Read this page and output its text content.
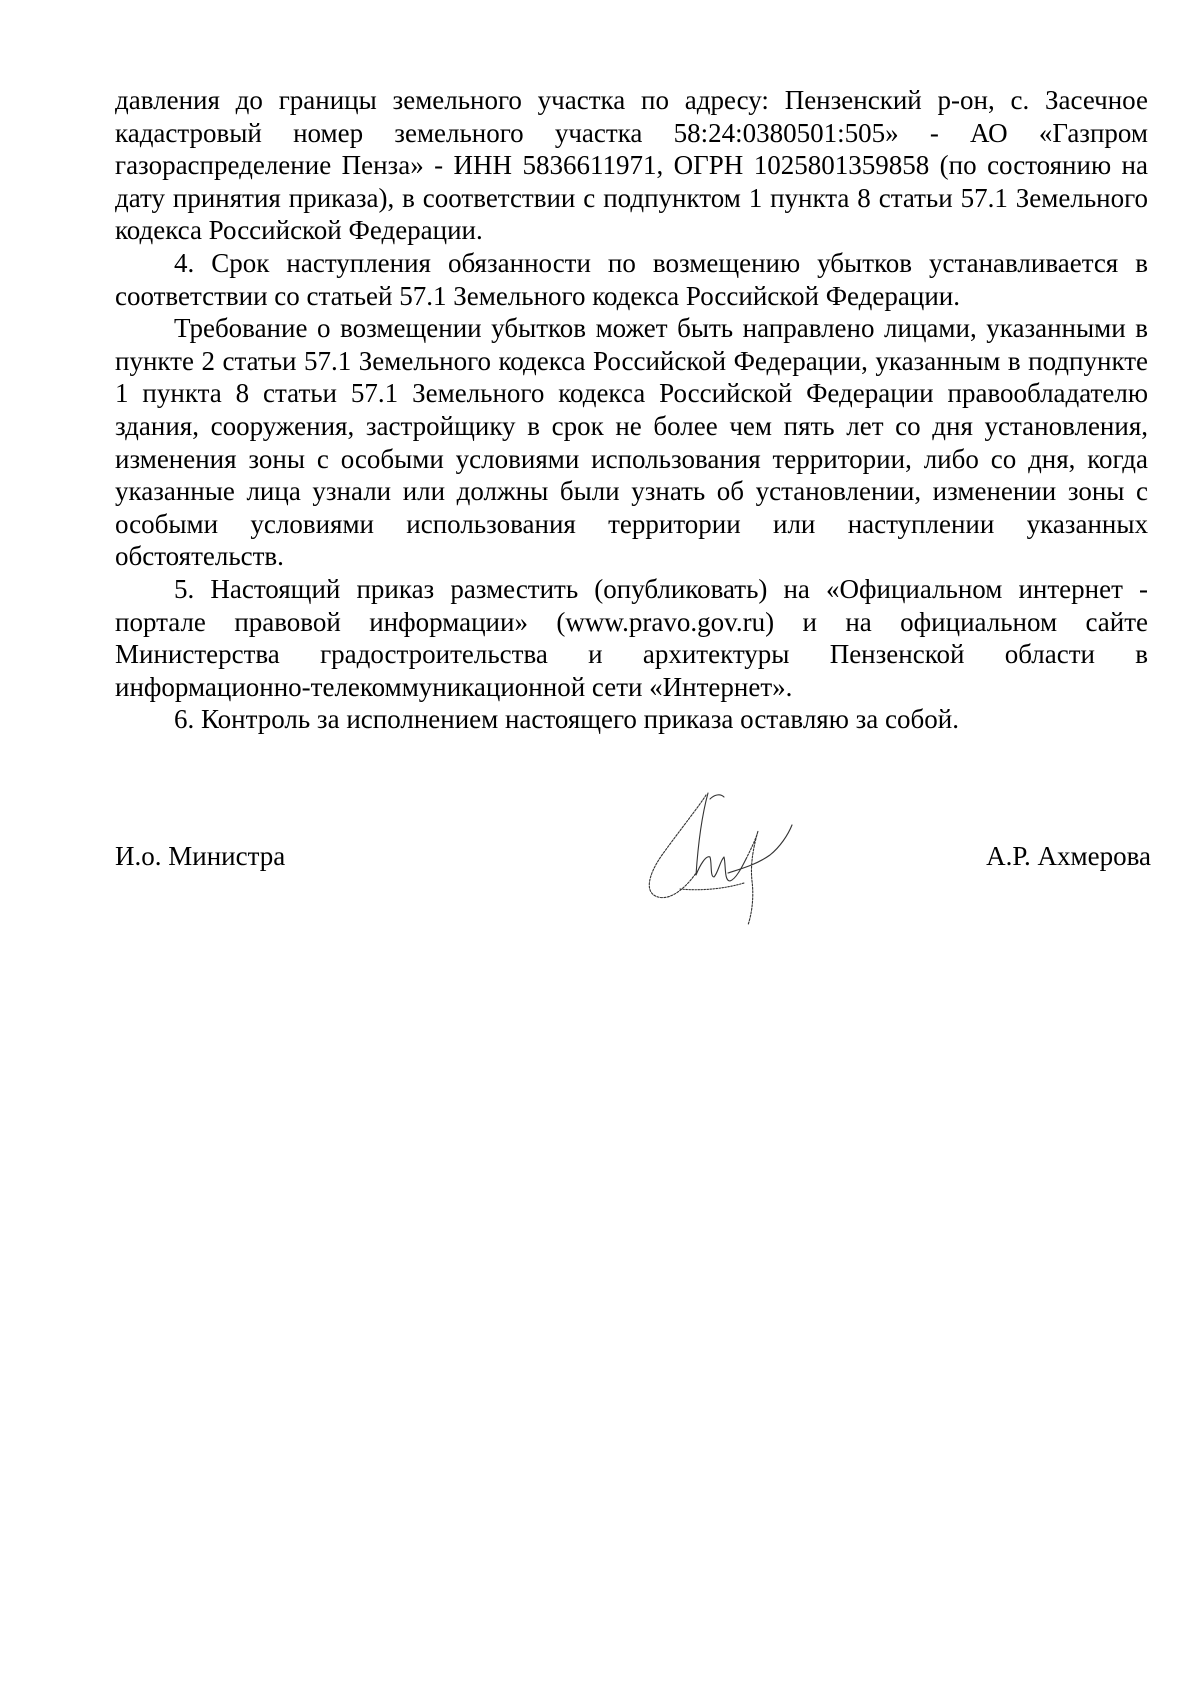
давления до границы земельного участка по адресу: Пензенский р-он, с. Засечное кадастровый номер земельного участка 58:24:0380501:505» - АО «Газпром газораспределение Пенза» - ИНН 5836611971, ОГРН 1025801359858 (по состоянию на дату принятия приказа), в соответствии с подпунктом 1 пункта 8 статьи 57.1 Земельного кодекса Российской Федерации.

4. Срок наступления обязанности по возмещению убытков устанавливается в соответствии со статьей 57.1 Земельного кодекса Российской Федерации.

Требование о возмещении убытков может быть направлено лицами, указанными в пункте 2 статьи 57.1 Земельного кодекса Российской Федерации, указанным в подпункте 1 пункта 8 статьи 57.1 Земельного кодекса Российской Федерации правообладателю здания, сооружения, застройщику в срок не более чем пять лет со дня установления, изменения зоны с особыми условиями использования территории, либо со дня, когда указанные лица узнали или должны были узнать об установлении, изменении зоны с особыми условиями использования территории или наступлении указанных обстоятельств.

5. Настоящий приказ разместить (опубликовать) на «Официальном интернет - портале правовой информации» (www.pravo.gov.ru) и на официальном сайте Министерства градостроительства и архитектуры Пензенской области в информационно-телекоммуникационной сети «Интернет».

6. Контроль за исполнением настоящего приказа оставляю за собой.

И.о. Министра	А.Р. Ахмерова
